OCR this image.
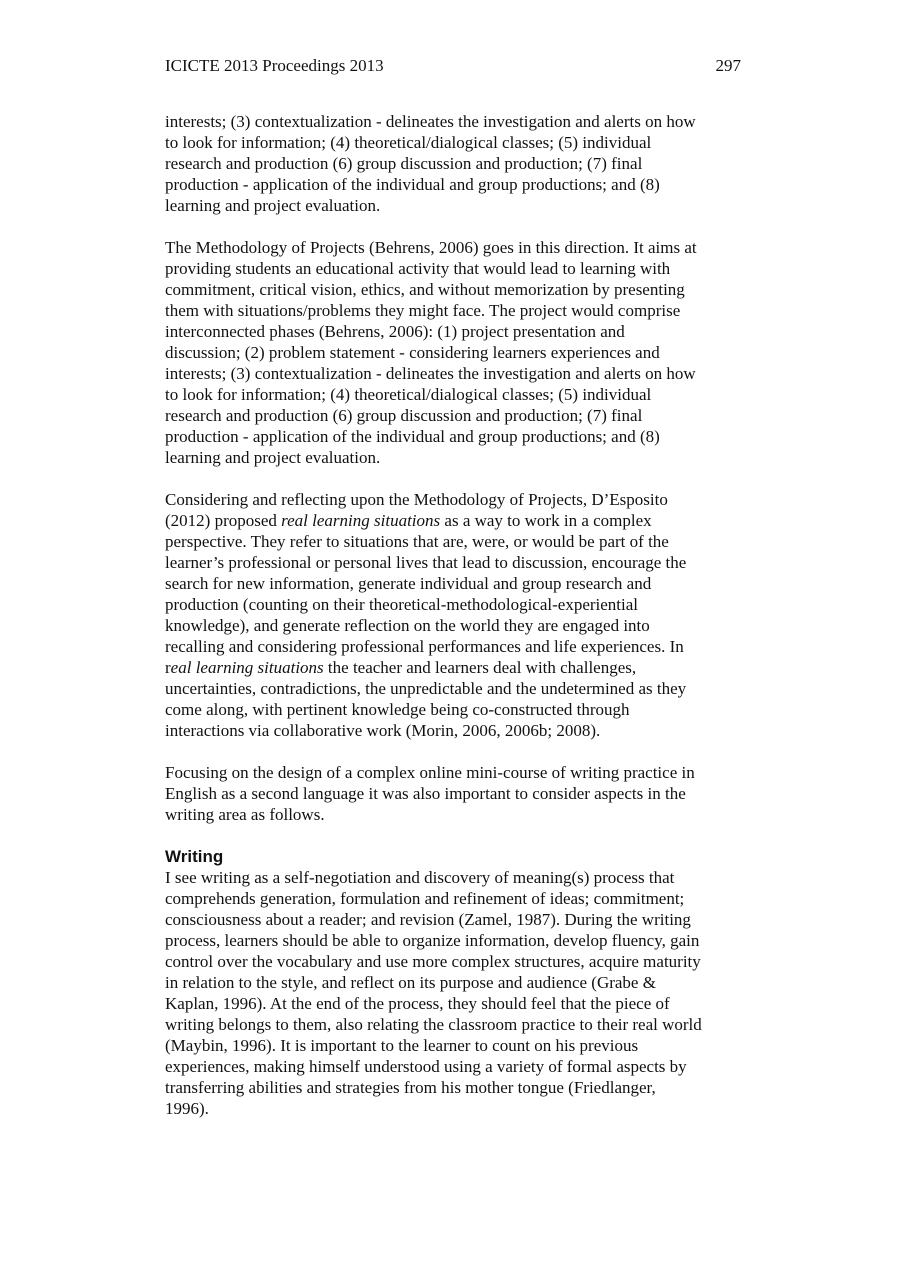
ICICTE 2013 Proceedings 2013	297
interests; (3) contextualization - delineates the investigation and alerts on how
to look for information; (4) theoretical/dialogical classes; (5) individual
research and production (6) group discussion and production; (7) final
production - application of the individual and group productions; and (8)
learning and project evaluation.
The Methodology of Projects (Behrens, 2006) goes in this direction. It aims at
providing students an educational activity that would lead to learning with
commitment, critical vision, ethics, and without memorization by presenting
them with situations/problems they might face. The project would comprise
interconnected phases (Behrens, 2006): (1) project presentation and
discussion; (2) problem statement - considering learners experiences and
interests; (3) contextualization - delineates the investigation and alerts on how
to look for information; (4) theoretical/dialogical classes; (5) individual
research and production (6) group discussion and production; (7) final
production - application of the individual and group productions; and (8)
learning and project evaluation.
Considering and reflecting upon the Methodology of Projects, D’Esposito
(2012) proposed real learning situations as a way to work in a complex
perspective. They refer to situations that are, were, or would be part of the
learner’s professional or personal lives that lead to discussion, encourage the
search for new information, generate individual and group research and
production (counting on their theoretical-methodological-experiential
knowledge), and generate reflection on the world they are engaged into
recalling and considering professional performances and life experiences. In
real learning situations the teacher and learners deal with challenges,
uncertainties, contradictions, the unpredictable and the undetermined as they
come along, with pertinent knowledge being co-constructed through
interactions via collaborative work (Morin, 2006, 2006b; 2008).
Focusing on the design of a complex online mini-course of writing practice in
English as a second language it was also important to consider aspects in the
writing area as follows.
Writing
I see writing as a self-negotiation and discovery of meaning(s) process that
comprehends generation, formulation and refinement of ideas; commitment;
consciousness about a reader; and revision (Zamel, 1987). During the writing
process, learners should be able to organize information, develop fluency, gain
control over the vocabulary and use more complex structures, acquire maturity
in relation to the style, and reflect on its purpose and audience (Grabe &
Kaplan, 1996). At the end of the process, they should feel that the piece of
writing belongs to them, also relating the classroom practice to their real world
(Maybin, 1996). It is important to the learner to count on his previous
experiences, making himself understood using a variety of formal aspects by
transferring abilities and strategies from his mother tongue (Friedlanger,
1996).
